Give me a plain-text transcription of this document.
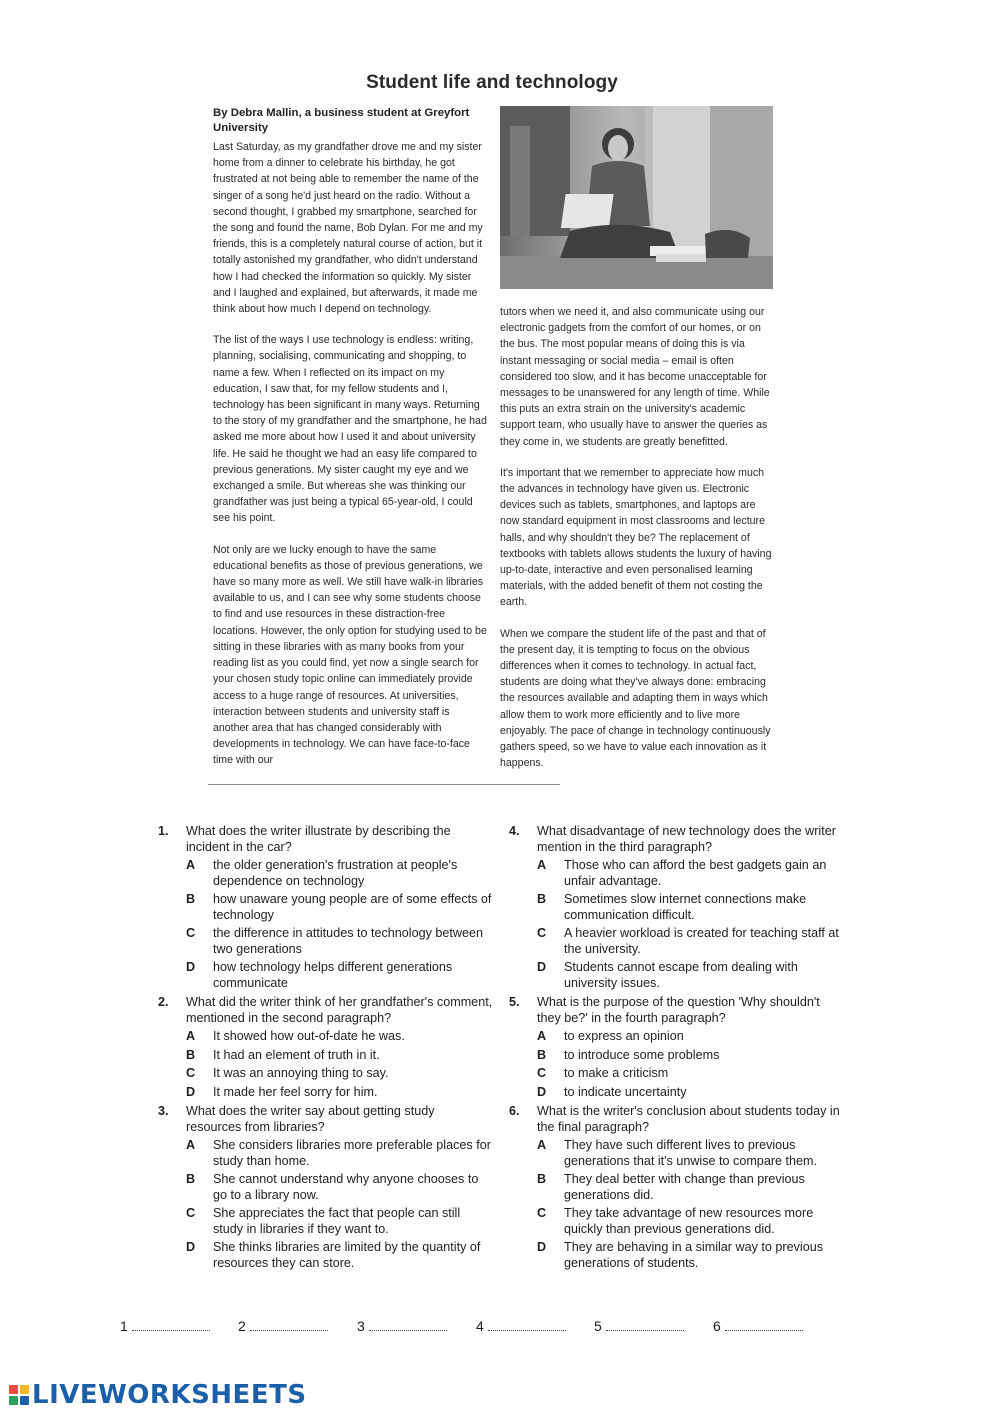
Student life and technology
By Debra Mallin, a business student at Greyfort University

Last Saturday, as my grandfather drove me and my sister home from a dinner to celebrate his birthday, he got frustrated at not being able to remember the name of the singer of a song he'd just heard on the radio. Without a second thought, I grabbed my smartphone, searched for the song and found the name, Bob Dylan. For me and my friends, this is a completely natural course of action, but it totally astonished my grandfather, who didn't understand how I had checked the information so quickly. My sister and I laughed and explained, but afterwards, it made me think about how much I depend on technology.

The list of the ways I use technology is endless: writing, planning, socialising, communicating and shopping, to name a few. When I reflected on its impact on my education, I saw that, for my fellow students and I, technology has been significant in many ways. Returning to the story of my grandfather and the smartphone, he had asked me more about how I used it and about university life. He said he thought we had an easy life compared to previous generations. My sister caught my eye and we exchanged a smile. But whereas she was thinking our grandfather was just being a typical 65-year-old, I could see his point.

Not only are we lucky enough to have the same educational benefits as those of previous generations, we have so many more as well. We still have walk-in libraries available to us, and I can see why some students choose to find and use resources in these distraction-free locations. However, the only option for studying used to be sitting in these libraries with as many books from your reading list as you could find, yet now a single search for your chosen study topic online can immediately provide access to a huge range of resources. At universities, interaction between students and university staff is another area that has changed considerably with developments in technology. We can have face-to-face time with our

tutors when we need it, and also communicate using our electronic gadgets from the comfort of our homes, or on the bus. The most popular means of doing this is via instant messaging or social media – email is often considered too slow, and it has become unacceptable for messages to be unanswered for any length of time. While this puts an extra strain on the university's academic support team, who usually have to answer the queries as they come in, we students are greatly benefitted.

It's important that we remember to appreciate how much the advances in technology have given us. Electronic devices such as tablets, smartphones, and laptops are now standard equipment in most classrooms and lecture halls, and why shouldn't they be? The replacement of textbooks with tablets allows students the luxury of having up-to-date, interactive and even personalised learning materials, with the added benefit of them not costing the earth.

When we compare the student life of the past and that of the present day, it is tempting to focus on the obvious differences when it comes to technology. In actual fact, students are doing what they've always done: embracing the resources available and adapting them in ways which allow them to work more efficiently and to live more enjoyably. The pace of change in technology continuously gathers speed, so we have to value each innovation as it happens.

1.	What does the writer illustrate by describing the incident in the car?
A	the older generation's frustration at people's dependence on technology
B	how unaware young people are of some effects of technology
C	the difference in attitudes to technology between two generations
D	how technology helps different generations communicate
2.	What did the writer think of her grandfather's comment, mentioned in the second paragraph?
A	It showed how out-of-date he was.
B	It had an element of truth in it.
C	It was an annoying thing to say.
D	It made her feel sorry for him.
3.	What does the writer say about getting study resources from libraries?
A	She considers libraries more preferable places for study than home.
B	She cannot understand why anyone chooses to go to a library now.
C	She appreciates the fact that people can still study in libraries if they want to.
D	She thinks libraries are limited by the quantity of resources they can store.
4.	What disadvantage of new technology does the writer mention in the third paragraph?
A	Those who can afford the best gadgets gain an unfair advantage.
B	Sometimes slow internet connections make communication difficult.
C	A heavier workload is created for teaching staff at the university.
D	Students cannot escape from dealing with university issues.
5.	What is the purpose of the question 'Why shouldn't they be?' in the fourth paragraph?
A	to express an opinion
B	to introduce some problems
C	to make a criticism
D	to indicate uncertainty
6.	What is the writer's conclusion about students today in the final paragraph?
A	They have such different lives to previous generations that it's unwise to compare them.
B	They deal better with change than previous generations did.
C	They take advantage of new resources more quickly than previous generations did.
D	They are behaving in a similar way to previous generations of students.
1	2	3	4	5	6
LIVEWORKSHEETS
